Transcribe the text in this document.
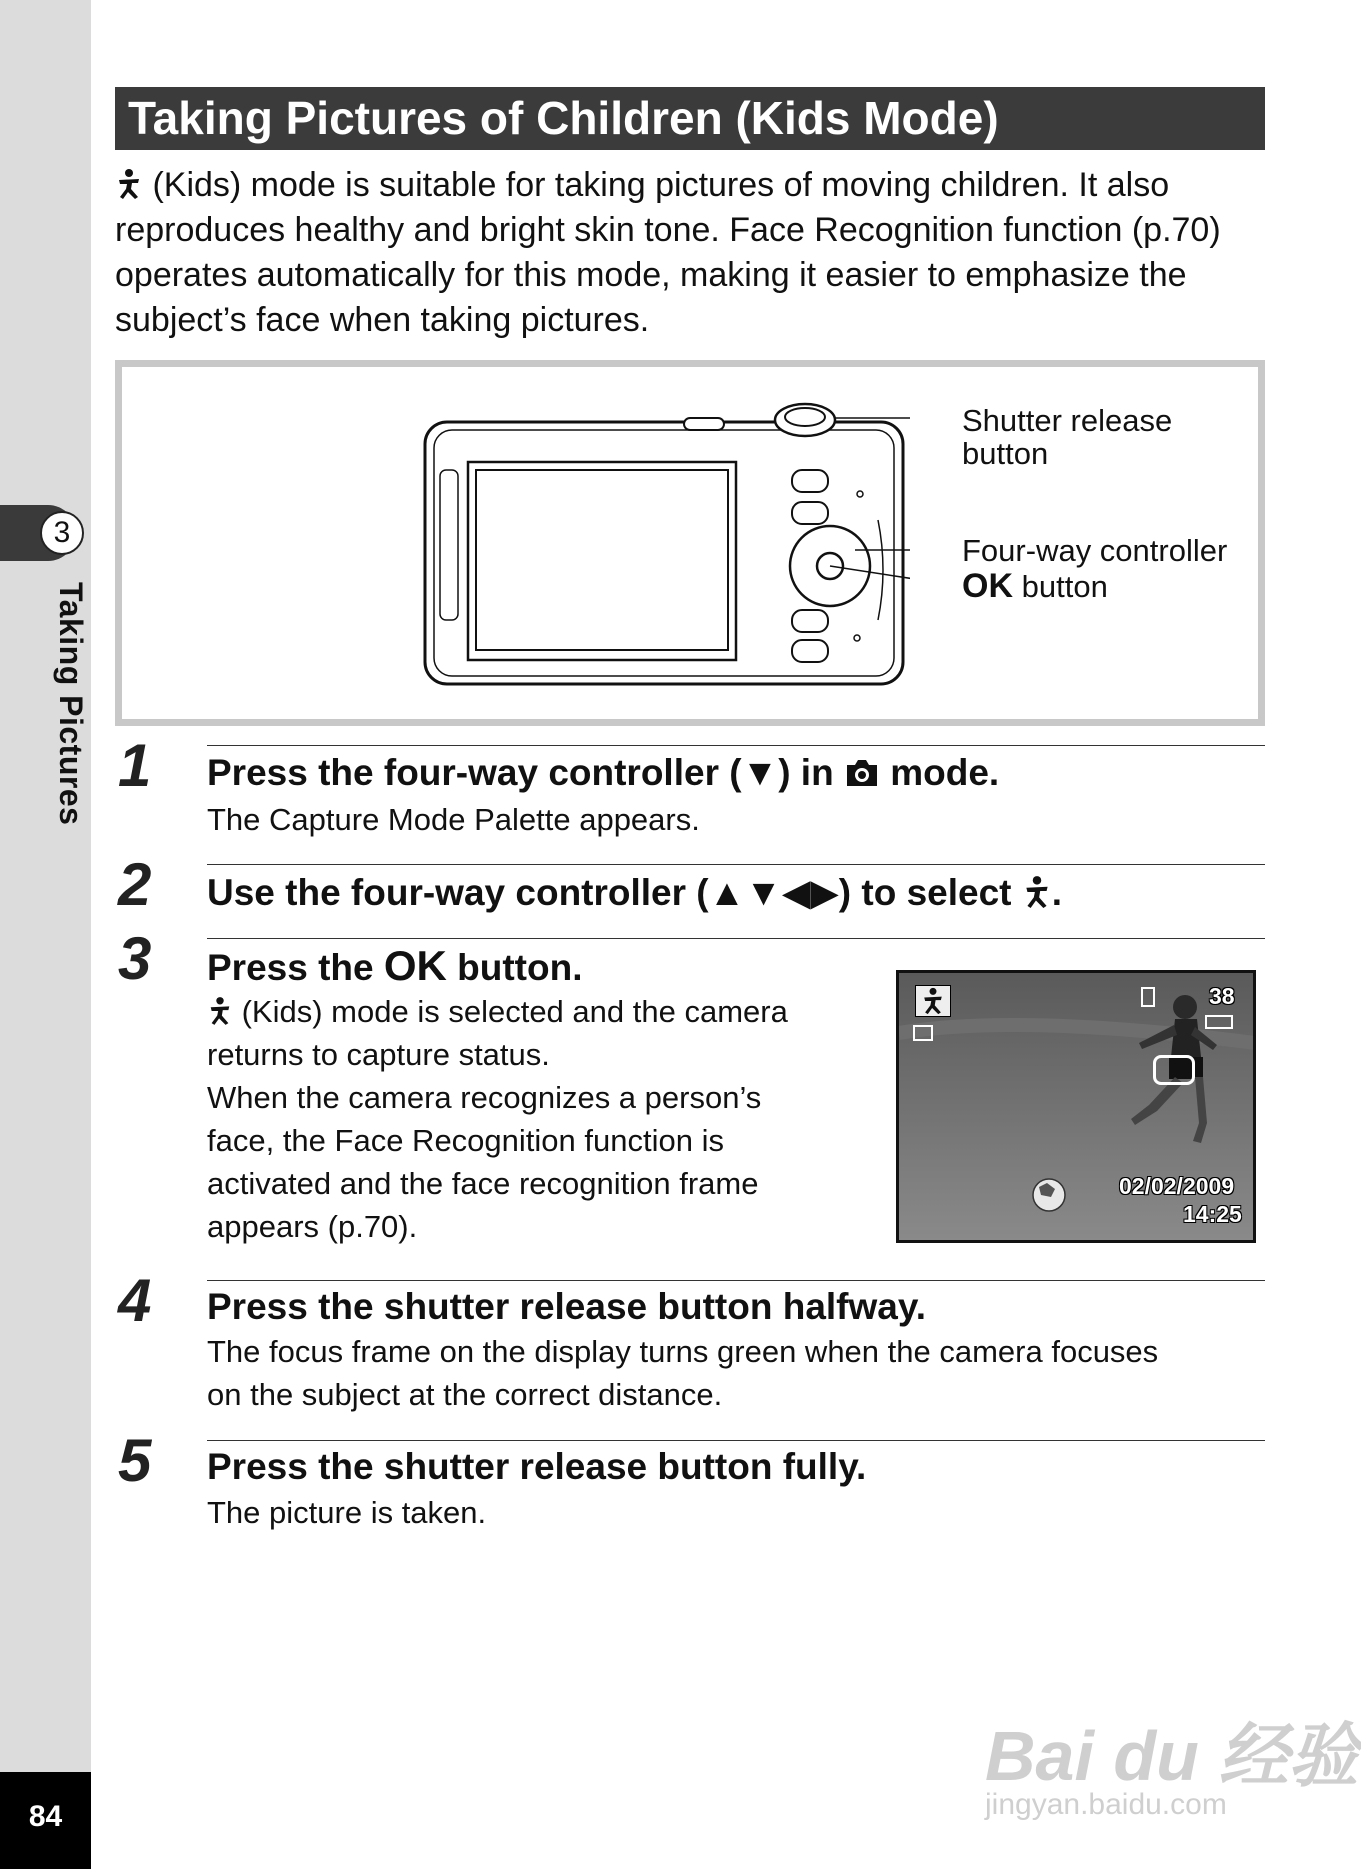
3
Taking Pictures
84
Taking Pictures of Children (Kids Mode)

(Kids) mode is suitable for taking pictures of moving children. It also reproduces healthy and bright skin tone. Face Recognition function (p.70) operates automatically for this mode, making it easier to emphasize the subject’s face when taking pictures.

Shutter release
button
Four-way controller
OK button
1 Press the four-way controller (▼) in  mode.

The Capture Mode Palette appears.

2 Use the four-way controller (▲▼◀▶) to select .
3 Press the OK button.
(Kids) mode is selected and the camera
returns to capture status.
When the camera recognizes a person’s
face, the Face Recognition function is
activated and the face recognition frame
appears (p.70).
38
02/02/2009
14:25
4 Press the shutter release button halfway.
The focus frame on the display turns green when the camera focuses
on the subject at the correct distance.
5 Press the shutter release button fully.

The picture is taken.

Bai du 经验
jingyan.baidu.com
